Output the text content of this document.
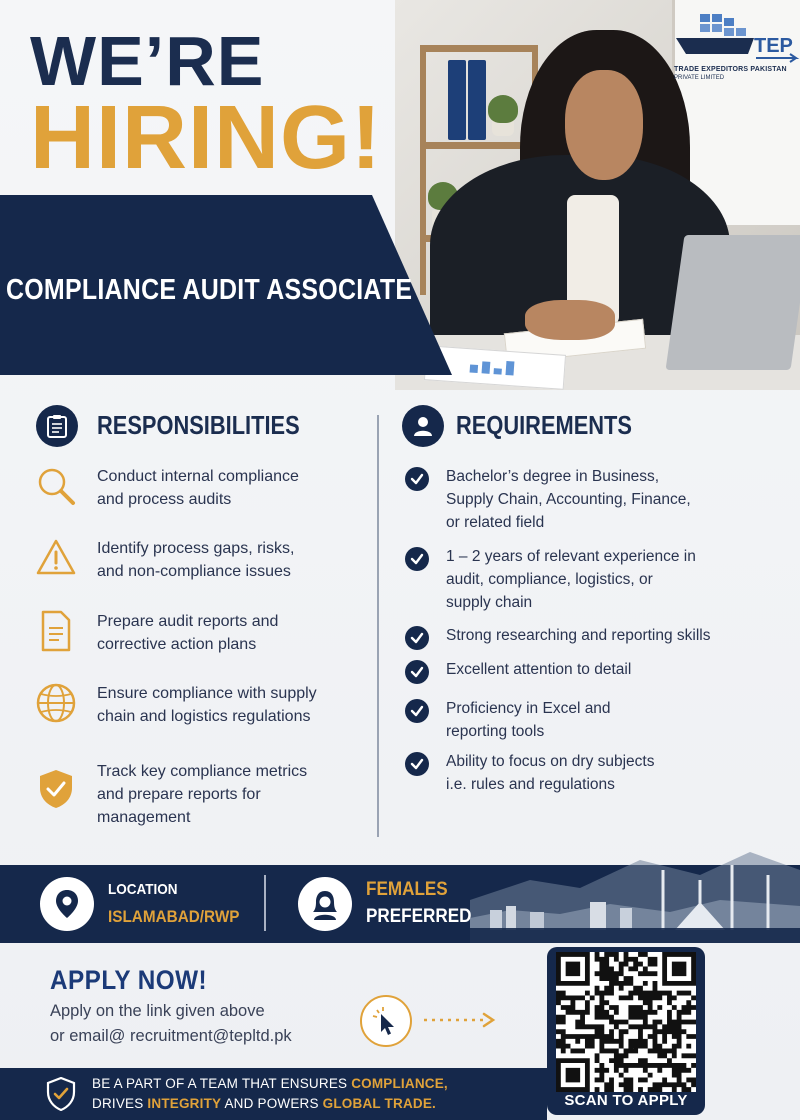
TEP
TRADE EXPEDITORS PAKISTAN
PRIVATE LIMITED
WE’RE
HIRING!
COMPLIANCE AUDIT ASSOCIATE
RESPONSIBILITIES	REQUIREMENTS
Conduct internal compliance
and process audits
Identify process gaps, risks,
and non-compliance issues
Prepare audit reports and
corrective action plans
Ensure compliance with supply
chain and logistics regulations
Track key compliance metrics
and prepare reports for
management
Bachelor’s degree in Business,
Supply Chain, Accounting, Finance,
or related field
1 – 2 years of relevant experience in
audit, compliance, logistics, or
supply chain
Strong researching and reporting skills
Excellent attention to detail
Proficiency in Excel and
reporting tools
Ability to focus on dry subjects
i.e. rules and regulations
LOCATION
ISLAMABAD/RWP
FEMALES
PREFERRED
APPLY NOW!
Apply on the link given above
or email@ recruitment@tepltd.pk
BE A PART OF A TEAM THAT ENSURES COMPLIANCE,
DRIVES INTEGRITY AND POWERS GLOBAL TRADE.	SCAN TO APPLY
